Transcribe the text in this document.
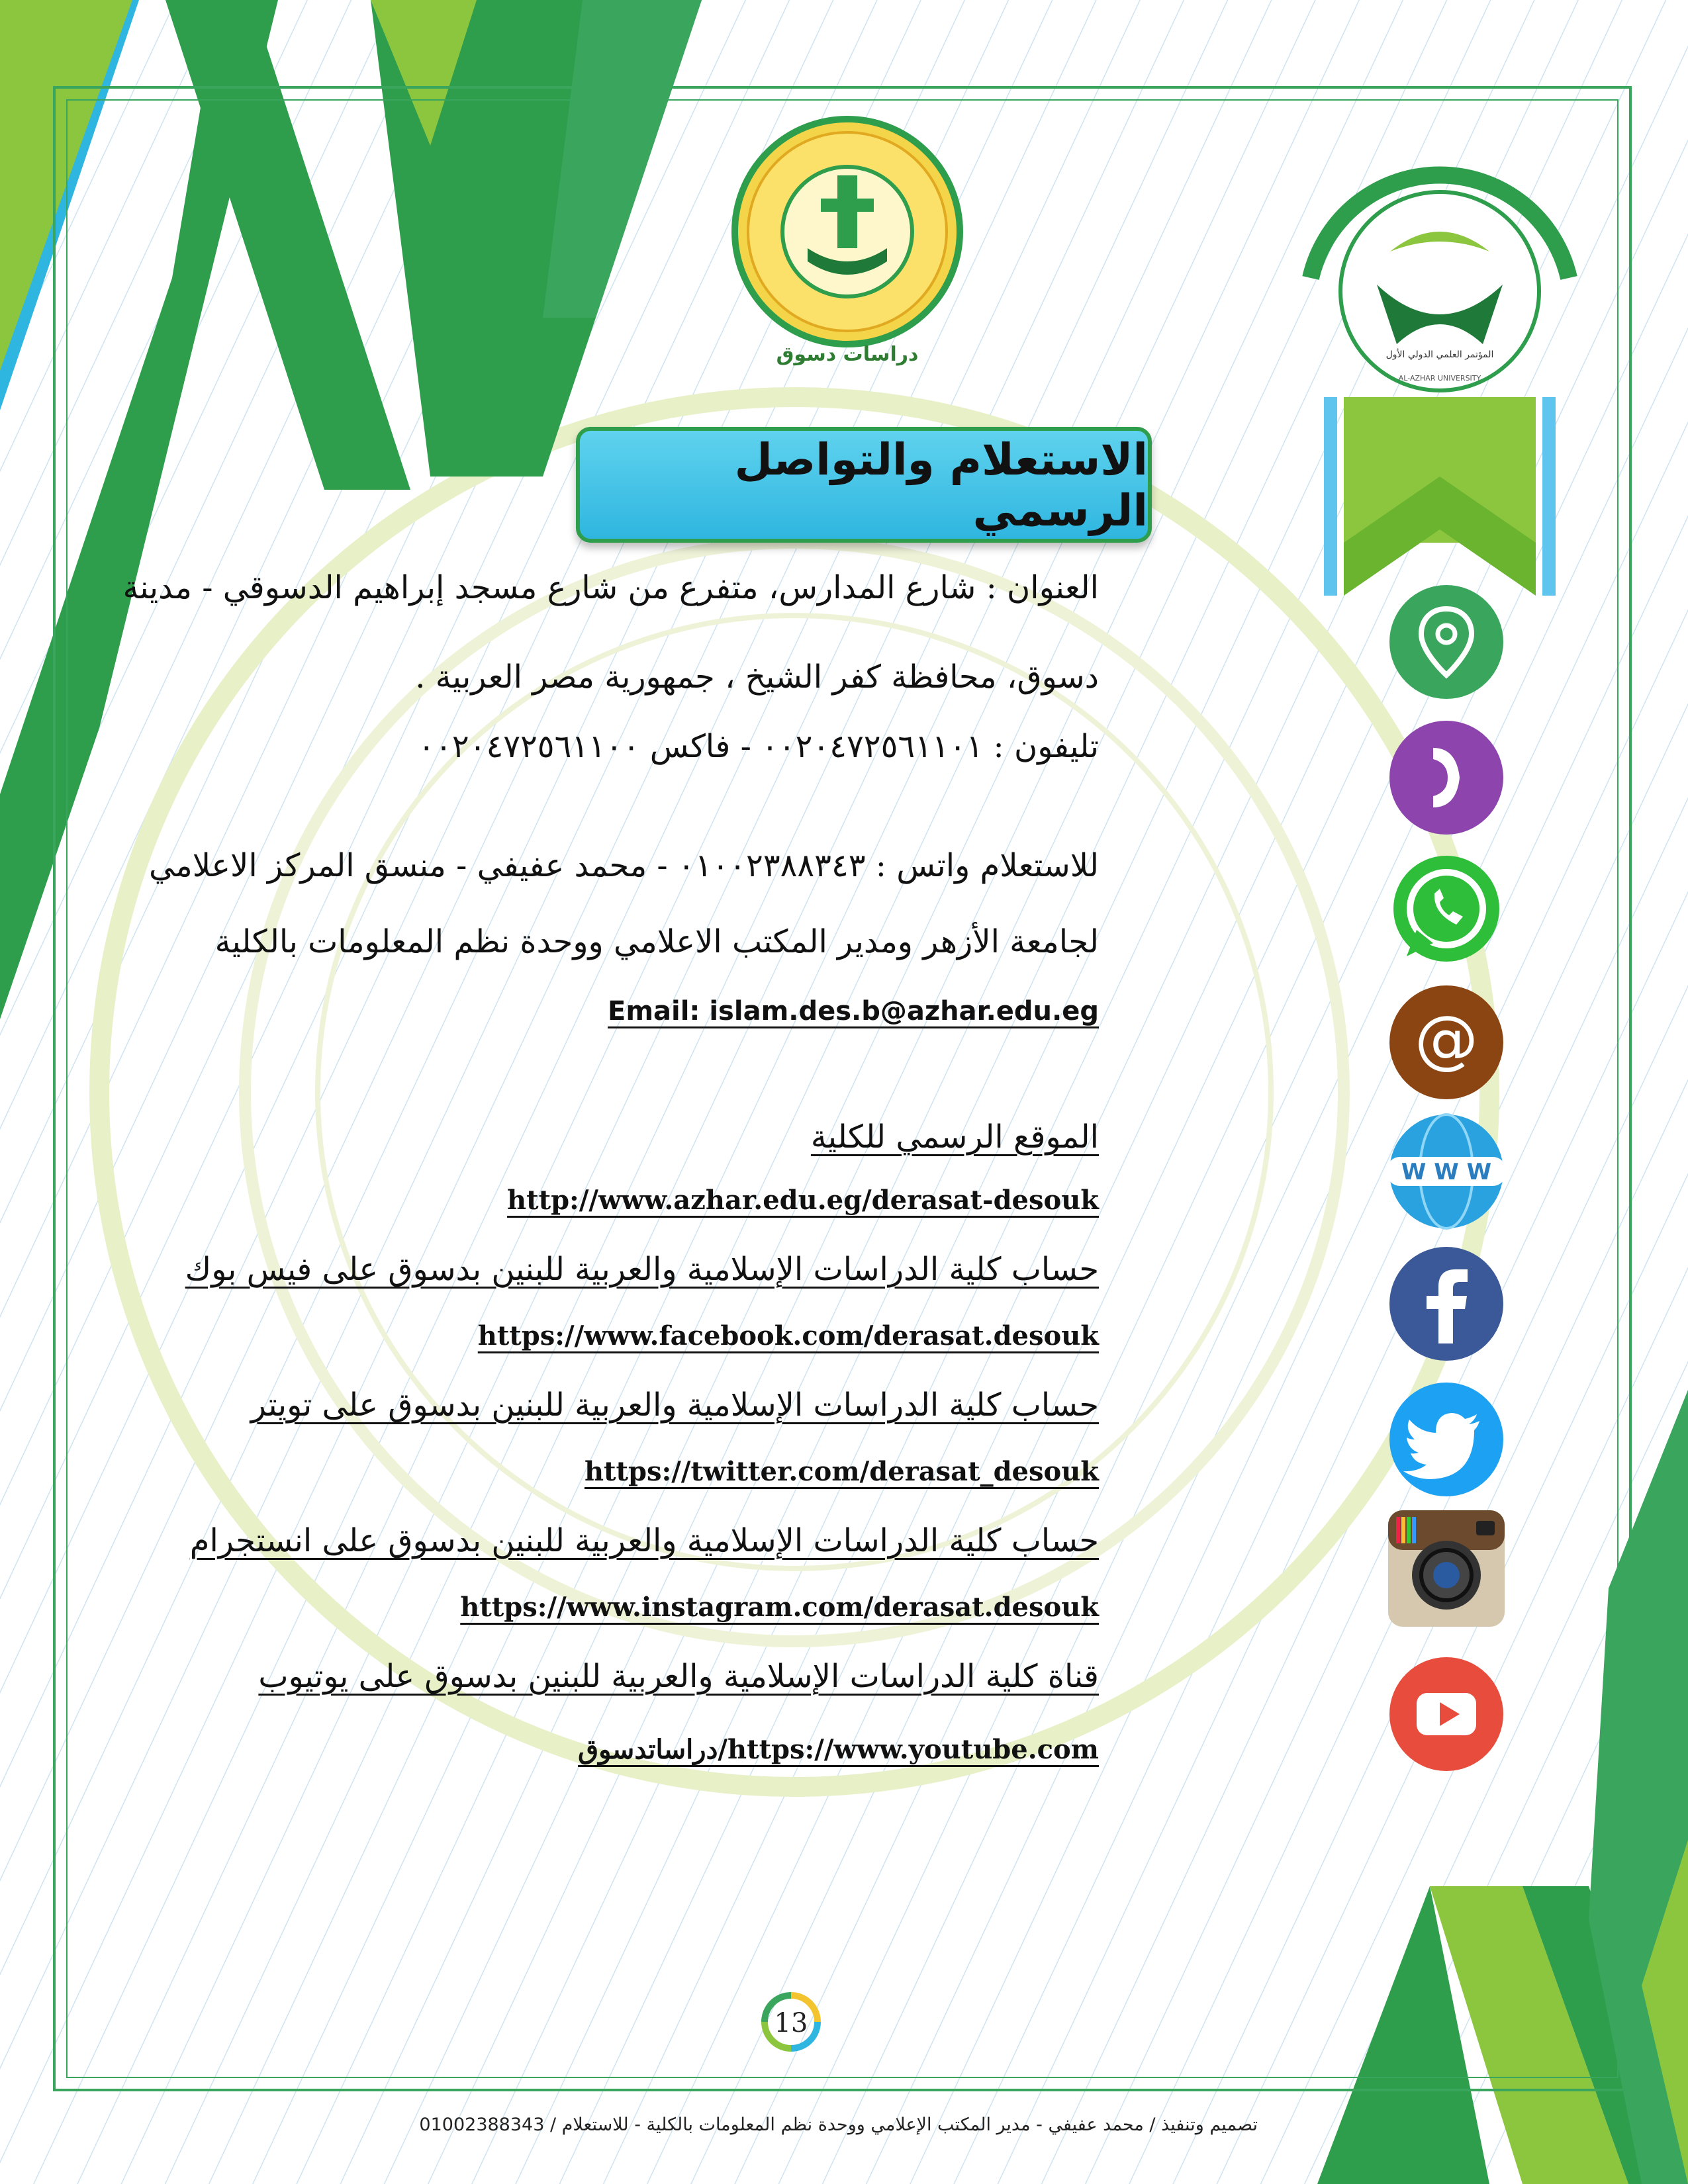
دراسات دسوق	المؤتمر العلمي الدولي الأول
AL-AZHAR UNIVERSITY
الاستعلام والتواصل الرسمي
العنوان : شارع المدارس، متفرع من شارع مسجد إبراهيم الدسوقي - مدينة
دسوق، محافظة كفر الشيخ ، جمهورية مصر العربية .
تليفون : ٠٠٢٠٤٧٢٥٦١١٠١ - فاكس ٠٠٢٠٤٧٢٥٦١١٠٠
للاستعلام واتس : ٠١٠٠٢٣٨٨٣٤٣ - محمد عفيفي - منسق المركز الاعلامي
لجامعة الأزهر ومدير المكتب الاعلامي ووحدة نظم المعلومات بالكلية
Email: islam.des.b@azhar.edu.eg
الموقع الرسمي للكلية
http://www.azhar.edu.eg/derasat-desouk
حساب كلية الدراسات الإسلامية والعربية للبنين بدسوق على فيس بوك
https://www.facebook.com/derasat.desouk
حساب كلية الدراسات الإسلامية والعربية للبنين بدسوق على تويتر
https://twitter.com/derasat_desouk
حساب كلية الدراسات الإسلامية والعربية للبنين بدسوق على انستجرام
https://www.instagram.com/derasat.desouk
قناة كلية الدراسات الإسلامية والعربية للبنين بدسوق على يوتيوب
https://www.youtube.com/دراساتدسوق
@
W W W
13
تصميم وتنفيذ / محمد عفيفي - مدير المكتب الإعلامي ووحدة نظم المعلومات بالكلية - للاستعلام / 01002388343
